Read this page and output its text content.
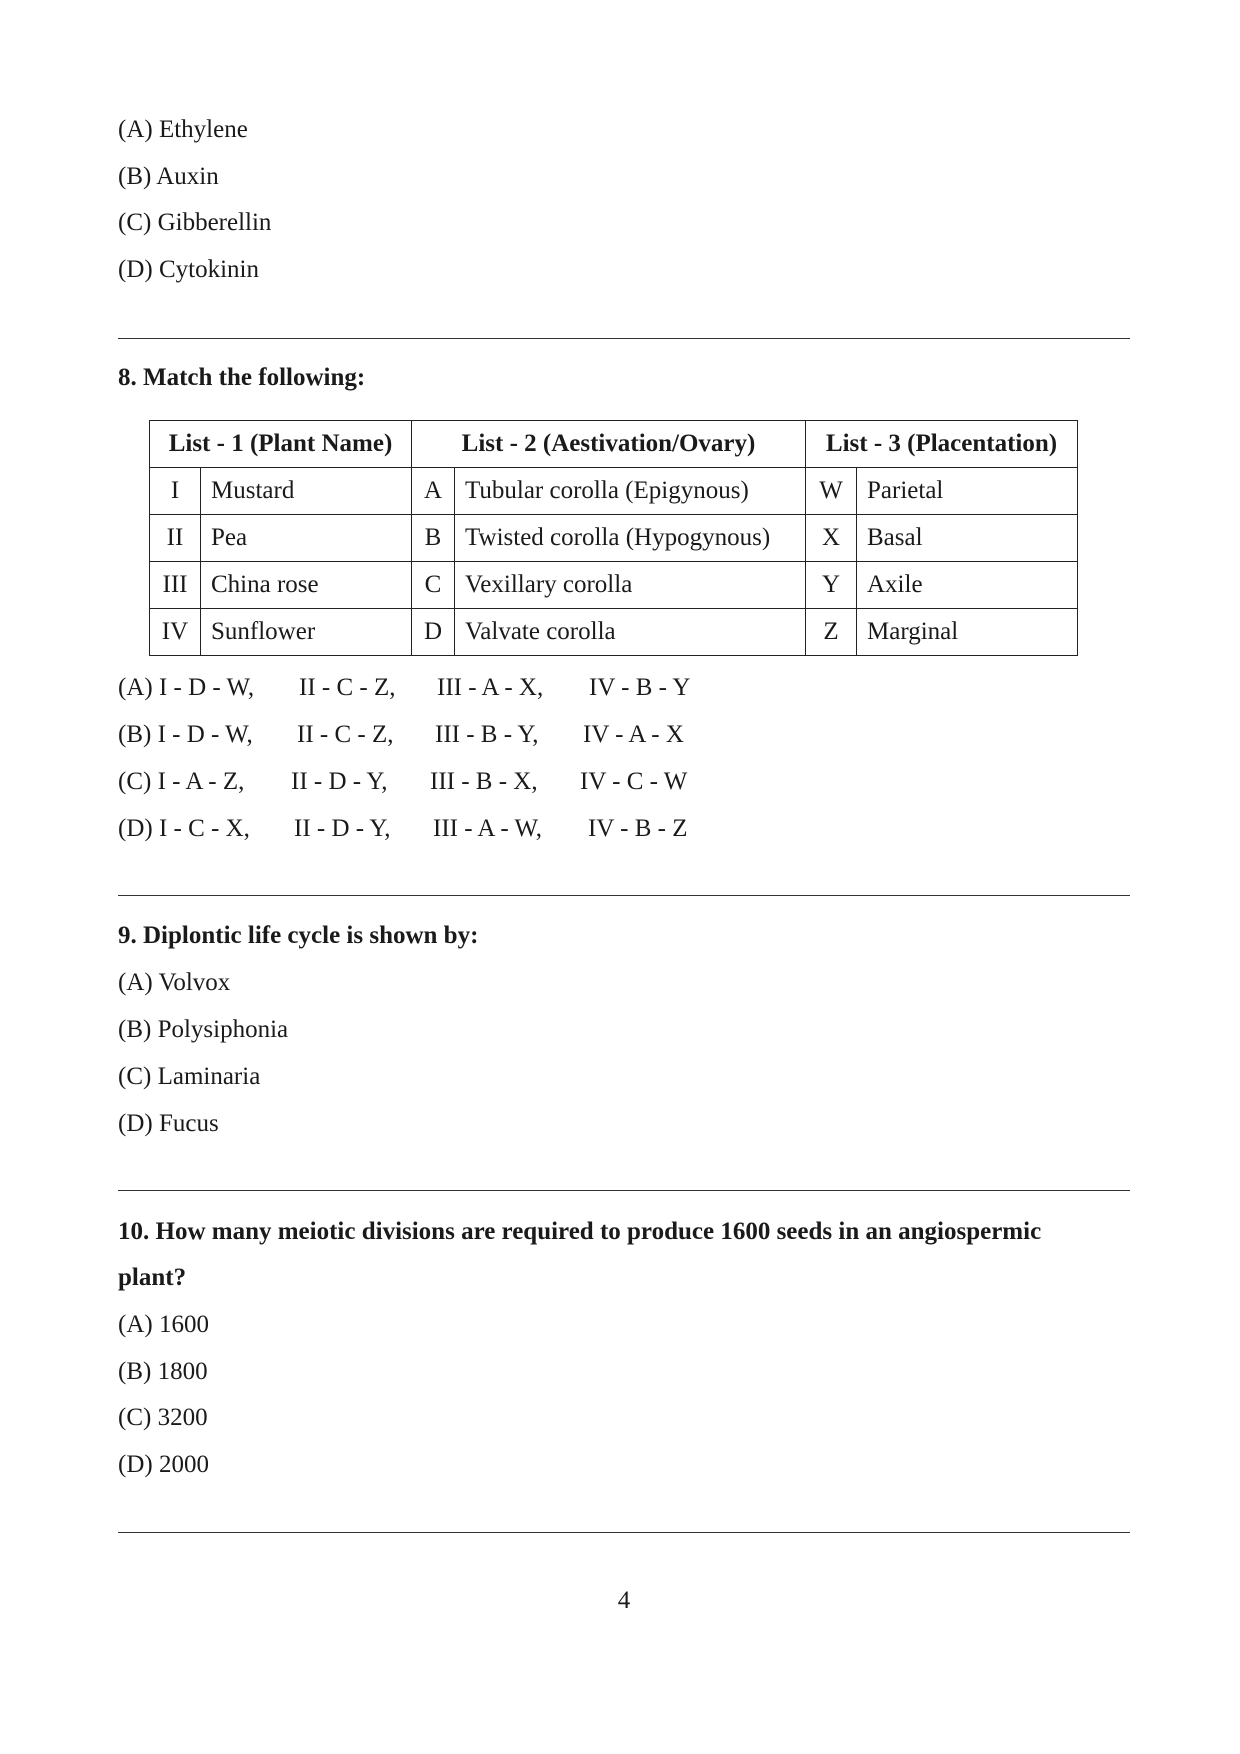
(A) Ethylene
(B) Auxin
(C) Gibberellin
(D) Cytokinin
8. Match the following:
List - 1 (Plant Name)		List - 2 (Aestivation/Ovary)		List - 3 (Placentation)	
I	Mustard	A	Tubular corolla (Epigynous)	W	Parietal
II	Pea	B	Twisted corolla (Hypogynous)	X	Basal
III	China rose	C	Vexillary corolla	Y	Axile
IV	Sunflower	D	Valvate corolla	Z	Marginal
(A) I - D - W, II - C - Z, III - A - X, IV - B - Y
(B) I - D - W, II - C - Z, III - B - Y, IV - A - X
(C) I - A - Z, II - D - Y, III - B - X, IV - C - W
(D) I - C - X, II - D - Y, III - A - W, IV - B - Z
9. Diplontic life cycle is shown by:
(A) Volvox
(B) Polysiphonia
(C) Laminaria
(D) Fucus
10. How many meiotic divisions are required to produce 1600 seeds in an angiospermic
plant?
(A) 1600
(B) 1800
(C) 3200
(D) 2000
4
